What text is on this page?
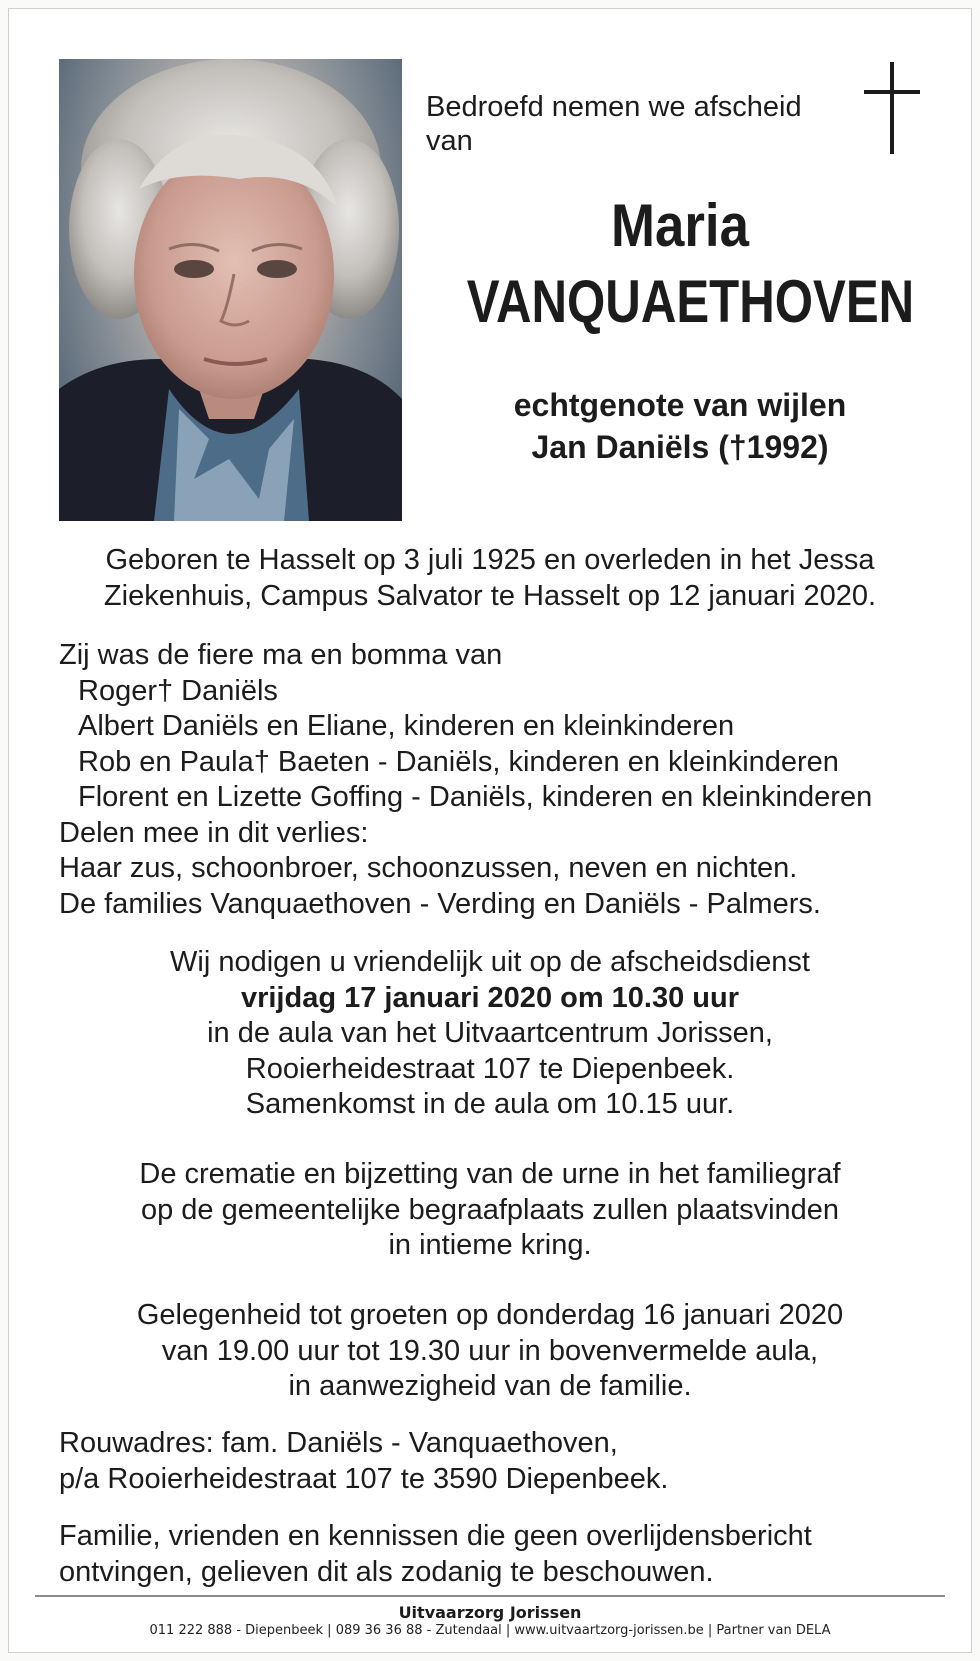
Bedroefd nemen we afscheid
van
Maria
VANQUAETHOVEN
echtgenote van wijlen
Jan Daniëls (†1992)
Geboren te Hasselt op 3 juli 1925 en overleden in het Jessa
Ziekenhuis, Campus Salvator te Hasselt op 12 januari 2020.
Zij was de fiere ma en bomma van
Roger† Daniëls
Albert Daniëls en Eliane, kinderen en kleinkinderen
Rob en Paula† Baeten - Daniëls, kinderen en kleinkinderen
Florent en Lizette Goffing - Daniëls, kinderen en kleinkinderen
Delen mee in dit verlies:
Haar zus, schoonbroer, schoonzussen, neven en nichten.
De families Vanquaethoven - Verding en Daniëls - Palmers.
Wij nodigen u vriendelijk uit op de afscheidsdienst
vrijdag 17 januari 2020 om 10.30 uur
in de aula van het Uitvaartcentrum Jorissen,
Rooierheidestraat 107 te Diepenbeek.
Samenkomst in de aula om 10.15 uur.
De crematie en bijzetting van de urne in het familiegraf
op de gemeentelijke begraafplaats zullen plaatsvinden
in intieme kring.
Gelegenheid tot groeten op donderdag 16 januari 2020
van 19.00 uur tot 19.30 uur in bovenvermelde aula,
in aanwezigheid van de familie.
Rouwadres: fam. Daniëls - Vanquaethoven,
p/a Rooierheidestraat 107 te 3590 Diepenbeek.
Familie, vrienden en kennissen die geen overlijdensbericht
ontvingen, gelieven dit als zodanig te beschouwen.
Uitvaarzorg Jorissen
011 222 888 - Diepenbeek | 089 36 36 88 - Zutendaal | www.uitvaartzorg-jorissen.be | Partner van DELA
